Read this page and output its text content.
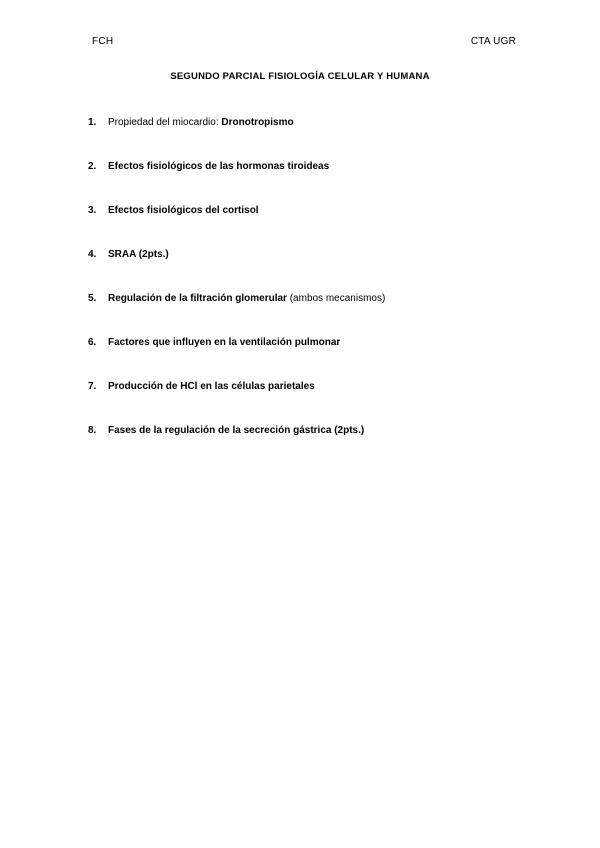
FCH	CTA UGR
SEGUNDO PARCIAL FISIOLOGÍA CELULAR Y HUMANA
1.	Propiedad del miocardio: Dronotropismo
2.	Efectos fisiológicos de las hormonas tiroideas
3.	Efectos fisiológicos del cortisol
4.	SRAA (2pts.)
5.	Regulación de la filtración glomerular (ambos mecanismos)
6.	Factores que influyen en la ventilación pulmonar
7.	Producción de HCl en las células parietales
8.	Fases de la regulación de la secreción gástrica (2pts.)
